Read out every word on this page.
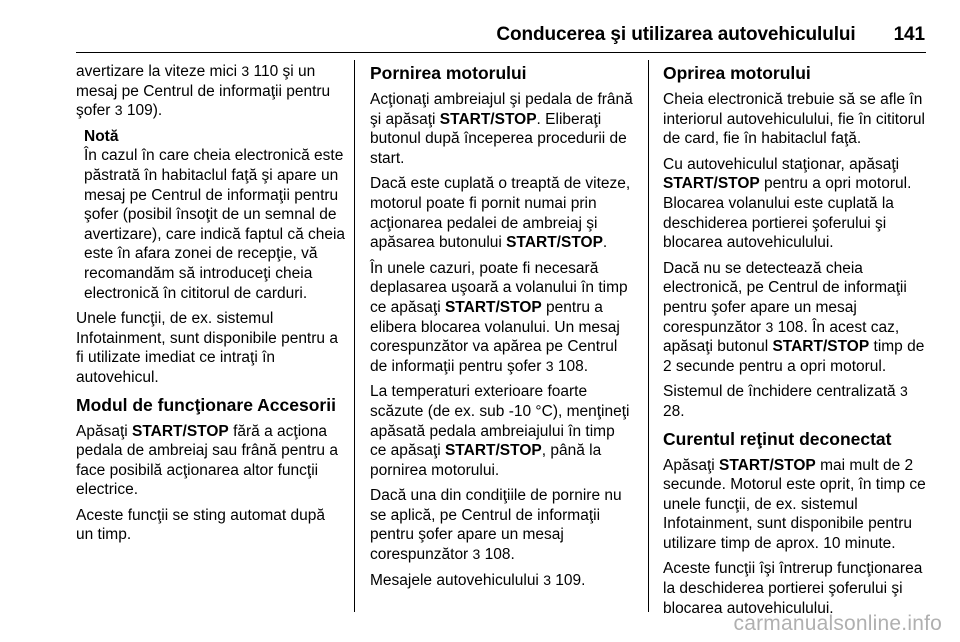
Conducerea şi utilizarea autovehiculului 141

avertizare la viteze mici 3 110 şi un mesaj pe Centrul de informaţii pentru şofer 3 109).

Notă

În cazul în care cheia electronică este păstrată în habitaclul faţă şi apare un mesaj pe Centrul de informaţii pentru şofer (posibil însoţit de un semnal de avertizare), care indică faptul că cheia este în afara zonei de recepţie, vă recomandăm să introduceţi cheia electronică în cititorul de carduri.

Unele funcţii, de ex. sistemul Infotainment, sunt disponibile pentru a fi utilizate imediat ce intraţi în autovehicul.

Modul de funcţionare Accesorii

Apăsaţi START/STOP fără a acţiona pedala de ambreiaj sau frână pentru a face posibilă acţionarea altor funcţii electrice.

Aceste funcţii se sting automat după un timp.

Pornirea motorului

Acţionaţi ambreiajul şi pedala de frână şi apăsaţi START/STOP. Eliberaţi butonul după începerea procedurii de start.

Dacă este cuplată o treaptă de viteze, motorul poate fi pornit numai prin acţionarea pedalei de ambreiaj şi apăsarea butonului START/STOP.

În unele cazuri, poate fi necesară deplasarea uşoară a volanului în timp ce apăsaţi START/STOP pentru a elibera blocarea volanului. Un mesaj corespunzător va apărea pe Centrul de informaţii pentru şofer 3 108.

La temperaturi exterioare foarte scăzute (de ex. sub -10 °C), menţineţi apăsată pedala ambreiajului în timp ce apăsaţi START/STOP, până la pornirea motorului.

Dacă una din condiţiile de pornire nu se aplică, pe Centrul de informaţii pentru şofer apare un mesaj corespunzător 3 108.

Mesajele autovehiculului 3 109.

Oprirea motorului

Cheia electronică trebuie să se afle în interiorul autovehiculului, fie în cititorul de card, fie în habitaclul faţă.

Cu autovehiculul staţionar, apăsaţi START/STOP pentru a opri motorul. Blocarea volanului este cuplată la deschiderea portierei şoferului şi blocarea autovehiculului.

Dacă nu se detectează cheia electronică, pe Centrul de informaţii pentru şofer apare un mesaj corespunzător 3 108. În acest caz, apăsaţi butonul START/STOP timp de 2 secunde pentru a opri motorul.

Sistemul de închidere centralizată 3 28.

Curentul reţinut deconectat

Apăsaţi START/STOP mai mult de 2 secunde. Motorul este oprit, în timp ce unele funcţii, de ex. sistemul Infotainment, sunt disponibile pentru utilizare timp de aprox. 10 minute.

Aceste funcţii îşi întrerup funcţionarea la deschiderea portierei şoferului şi blocarea autovehiculului.

carmanualsonline.info
